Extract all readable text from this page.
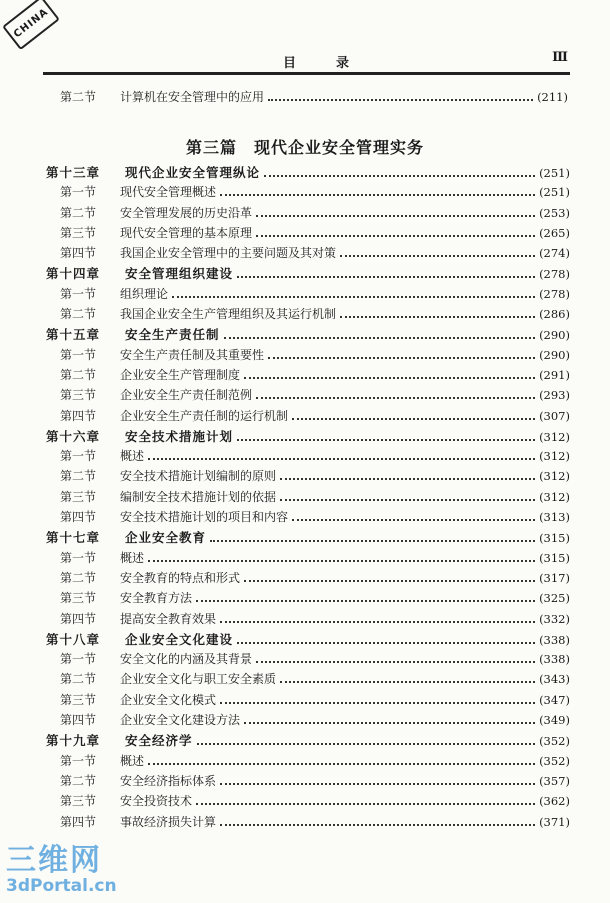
CHINA
目录	Ⅲ
第二节	计算机在安全管理中的应用	(211)
第三篇　现代企业安全管理实务
第十三章	现代企业安全管理纵论	(251)
第一节	现代安全管理概述	(251)
第二节	安全管理发展的历史沿革	(253)
第三节	现代安全管理的基本原理	(265)
第四节	我国企业安全管理中的主要问题及其对策	(274)
第十四章	安全管理组织建设	(278)
第一节	组织理论	(278)
第二节	我国企业安全生产管理组织及其运行机制	(286)
第十五章	安全生产责任制	(290)
第一节	安全生产责任制及其重要性	(290)
第二节	企业安全生产管理制度	(291)
第三节	企业安全生产责任制范例	(293)
第四节	企业安全生产责任制的运行机制	(307)
第十六章	安全技术措施计划	(312)
第一节	概述	(312)
第二节	安全技术措施计划编制的原则	(312)
第三节	编制安全技术措施计划的依据	(312)
第四节	安全技术措施计划的项目和内容	(313)
第十七章	企业安全教育	(315)
第一节	概述	(315)
第二节	安全教育的特点和形式	(317)
第三节	安全教育方法	(325)
第四节	提高安全教育效果	(332)
第十八章	企业安全文化建设	(338)
第一节	安全文化的内涵及其背景	(338)
第二节	企业安全文化与职工安全素质	(343)
第三节	企业安全文化模式	(347)
第四节	企业安全文化建设方法	(349)
第十九章	安全经济学	(352)
第一节	概述	(352)
第二节	安全经济指标体系	(357)
第三节	安全投资技术	(362)
第四节	事故经济损失计算	(371)
三维网
3dPortal.cn
